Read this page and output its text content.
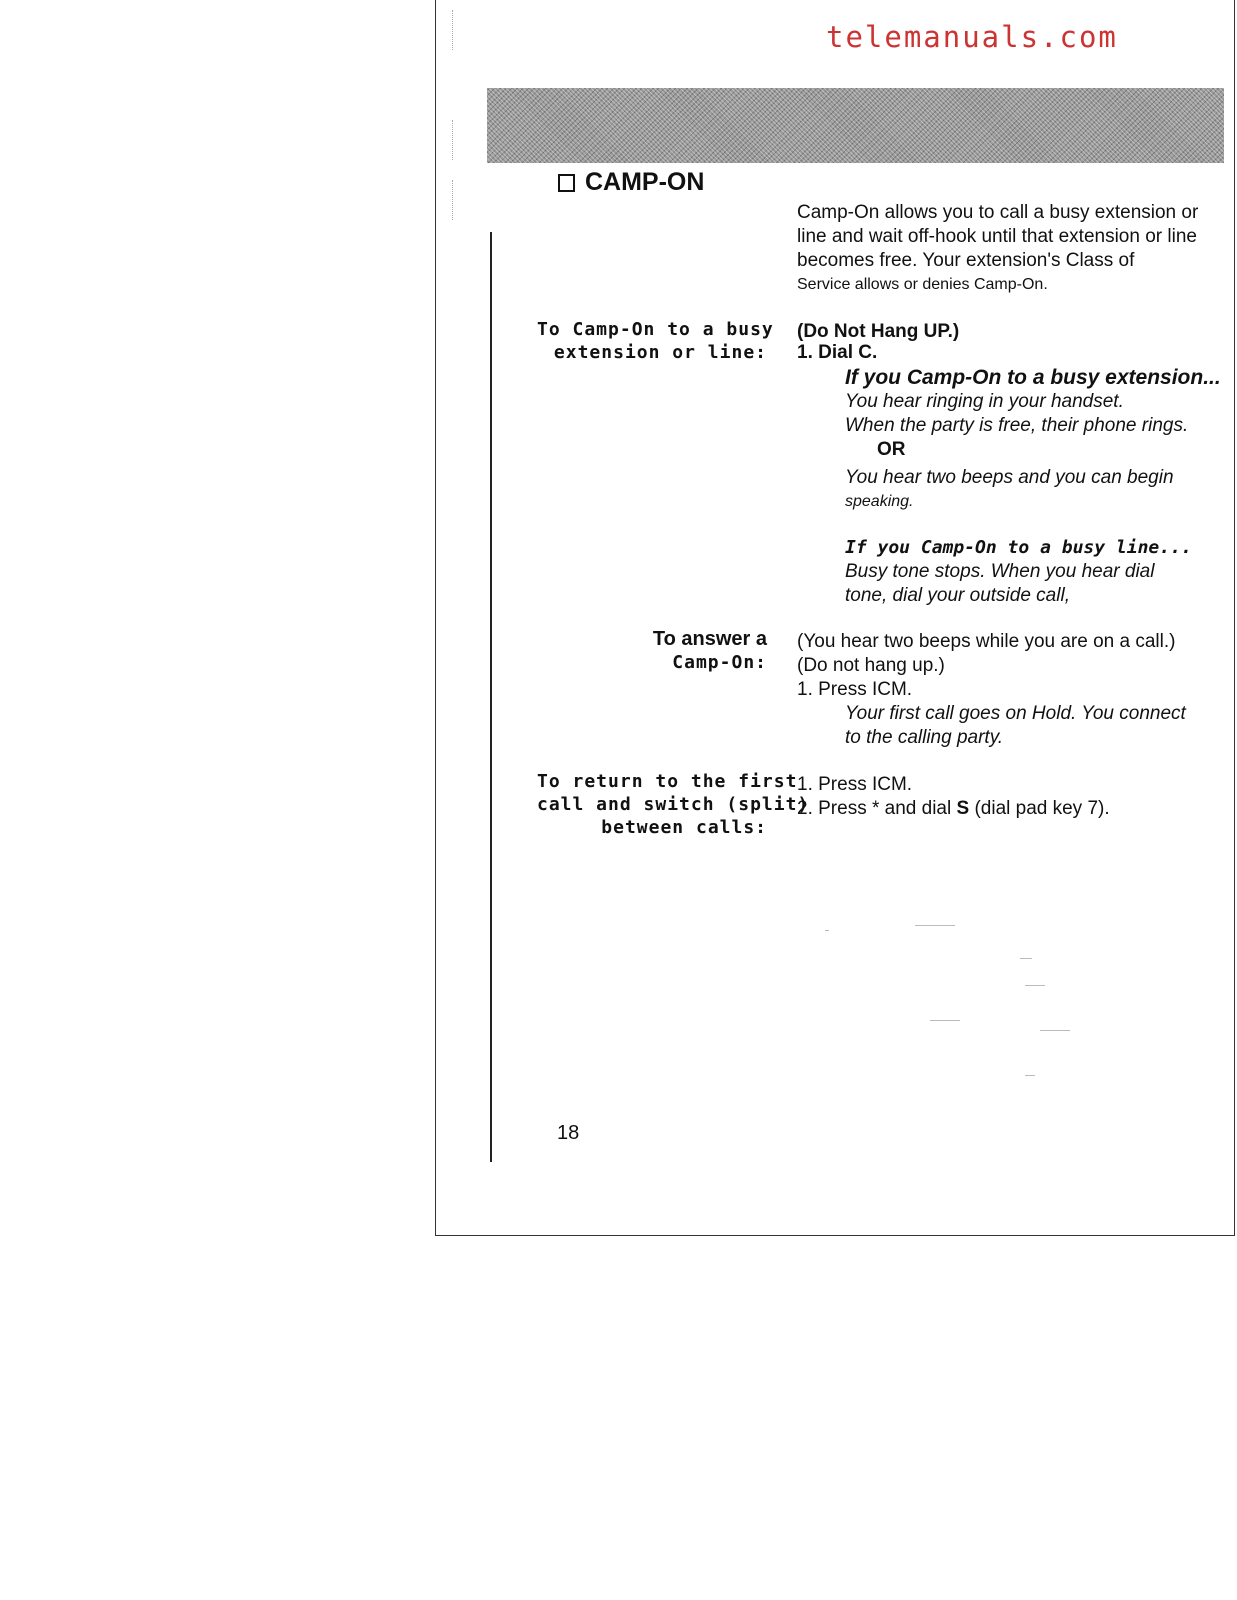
telemanuals.com
CAMP-ON
Camp-On allows you to call a busy extension or
line and wait off-hook until that extension or line
becomes free. Your extension's Class of
Service allows or denies Camp-On.
To Camp-On to a busy
extension or line:
(Do Not Hang UP.)
1. Dial C.
If you Camp-On to a busy extension...
You hear ringing in your handset.
When the party is free, their phone rings.
OR
You hear two beeps and you can begin
speaking.
If you Camp-On to a busy line...
Busy tone stops. When you hear dial
tone, dial your outside call,
To answer a
Camp-On:
(You hear two beeps while you are on a call.)
(Do not hang up.)
1. Press ICM.
Your first call goes on Hold. You connect
to the calling party.
To return to the first
call and switch (split)
between calls:
1. Press ICM.
2. Press * and dial S (dial pad key 7).
18
